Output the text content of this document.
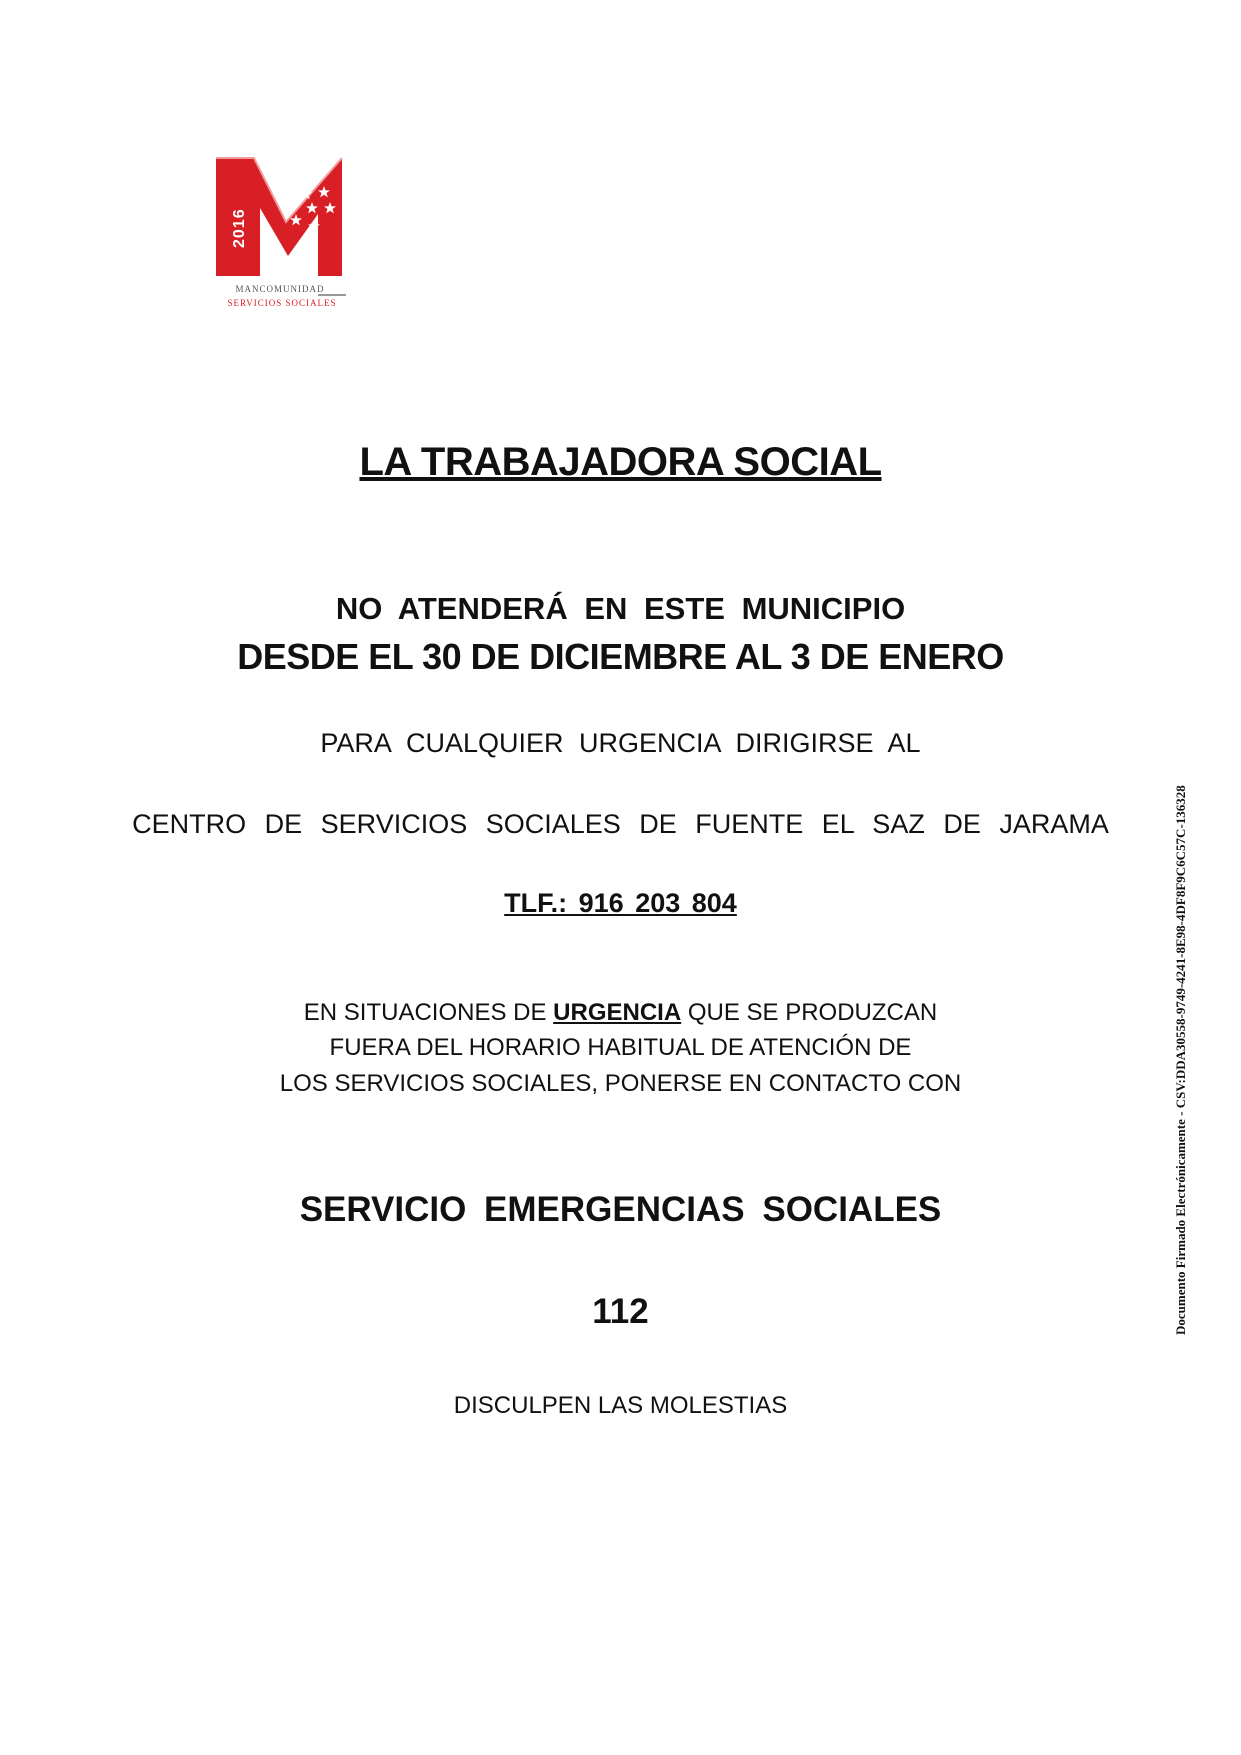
2016
MANCOMUNIDAD
SERVICIOS SOCIALES
LA TRABAJADORA SOCIAL
NO ATENDERÁ EN ESTE MUNICIPIO
DESDE EL 30 DE DICIEMBRE AL 3 DE ENERO
PARA CUALQUIER URGENCIA DIRIGIRSE AL
CENTRO DE SERVICIOS SOCIALES DE FUENTE EL SAZ DE JARAMA
TLF.: 916 203 804
EN SITUACIONES DE URGENCIA QUE SE PRODUZCAN
FUERA DEL HORARIO HABITUAL DE ATENCIÓN DE
LOS SERVICIOS SOCIALES, PONERSE EN CONTACTO CON
SERVICIO EMERGENCIAS SOCIALES
112
DISCULPEN LAS MOLESTIAS
Documento Firmado Electrónicamente - CSV:DDA30558-9749-4241-8E98-4DF8F9C6C57C-136328
